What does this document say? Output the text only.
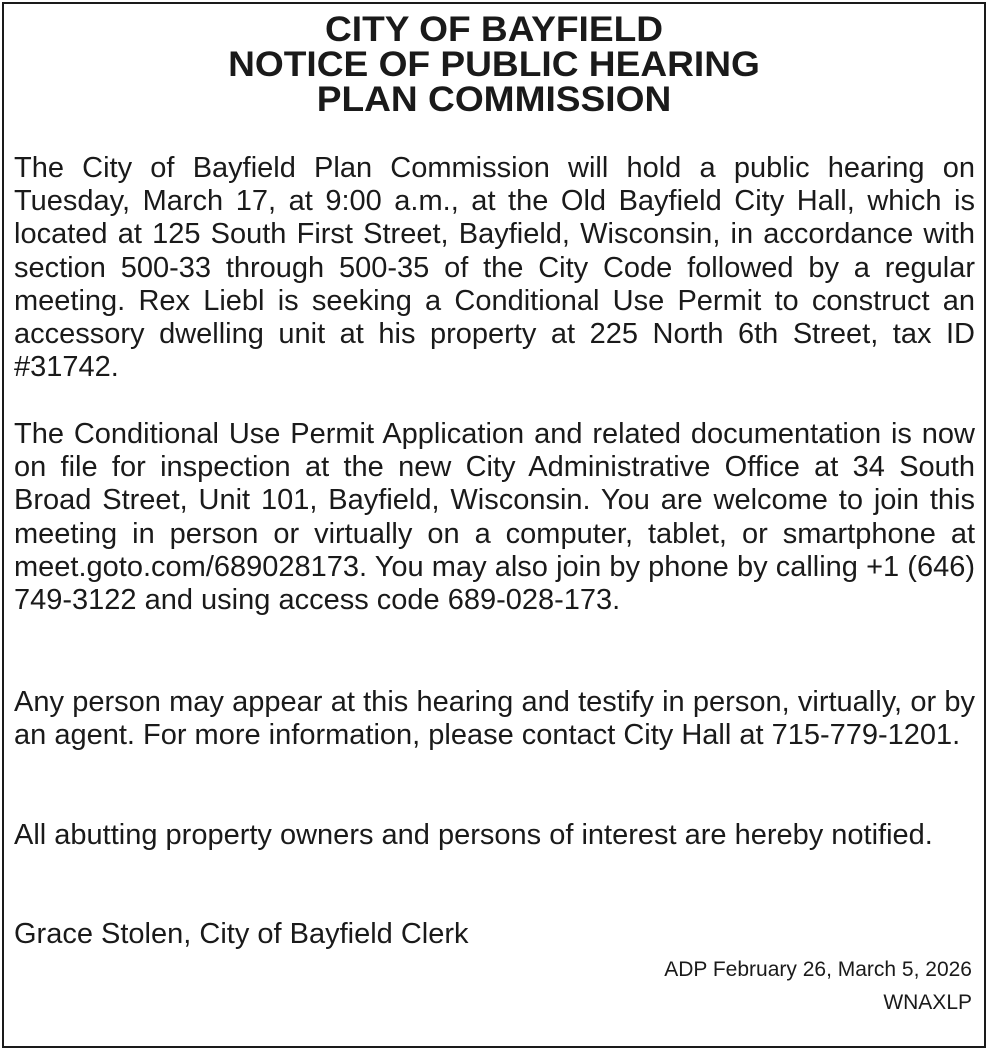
CITY OF BAYFIELD
NOTICE OF PUBLIC HEARING
PLAN COMMISSION
The City of Bayfield Plan Commission will hold a public hearing on Tuesday, March 17, at 9:00 a.m., at the Old Bayfield City Hall, which is located at 125 South First Street, Bayfield, Wisconsin, in accordance with section 500-33 through 500-35 of the City Code followed by a regular meeting. Rex Liebl is seeking a Conditional Use Permit to construct an accessory dwelling unit at his property at 225 North 6th Street, tax ID #31742.
The Conditional Use Permit Application and related documentation is now on file for inspection at the new City Administrative Office at 34 South Broad Street, Unit 101, Bayfield, Wisconsin. You are welcome to join this meeting in person or virtually on a computer, tablet, or smartphone at meet.goto.com/689028173. You may also join by phone by calling +1 (646) 749-3122 and using access code 689-028-173.
Any person may appear at this hearing and testify in person, virtually, or by an agent. For more information, please contact City Hall at 715-779-1201.
All abutting property owners and persons of interest are hereby notified.
Grace Stolen, City of Bayfield Clerk
ADP February 26, March 5, 2026
WNAXLP
